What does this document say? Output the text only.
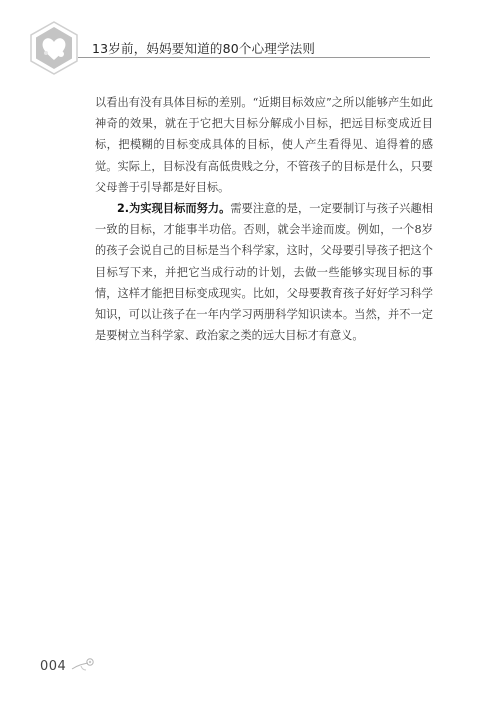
13岁前，妈妈要知道的80个心理学法则

以看出有没有具体目标的差别。“近期目标效应”之所以能够产生如此神奇的效果，就在于它把大目标分解成小目标，把远目标变成近目标，把模糊的目标变成具体的目标，使人产生看得见、追得着的感觉。实际上，目标没有高低贵贱之分，不管孩子的目标是什么，只要父母善于引导都是好目标。

2.为实现目标而努力。需要注意的是，一定要制订与孩子兴趣相一致的目标，才能事半功倍。否则，就会半途而废。例如，一个8岁的孩子会说自己的目标是当个科学家，这时，父母要引导孩子把这个目标写下来，并把它当成行动的计划，去做一些能够实现目标的事情，这样才能把目标变成现实。比如，父母要教育孩子好好学习科学知识，可以让孩子在一年内学习两册科学知识读本。当然，并不一定是要树立当科学家、政治家之类的远大目标才有意义。

004
